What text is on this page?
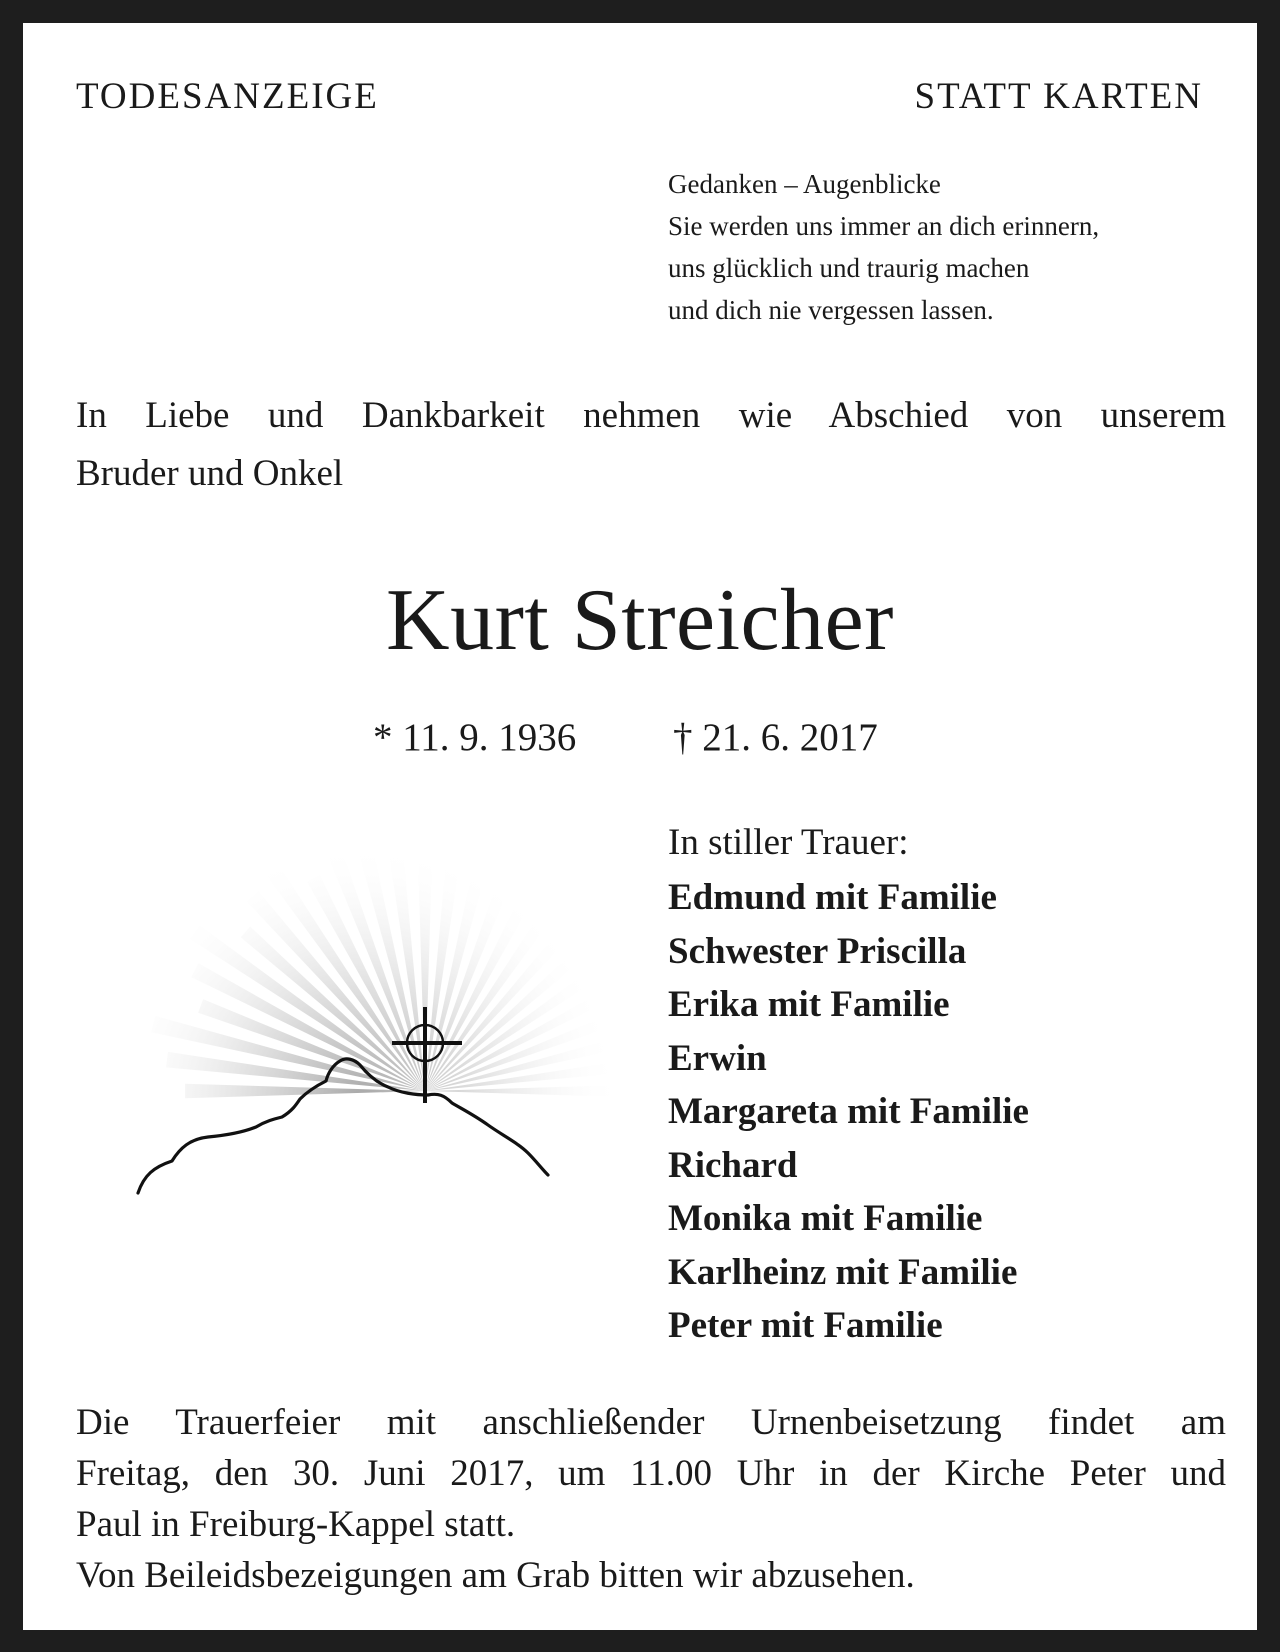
TODESANZEIGE	STATT KARTEN
Gedanken – Augenblicke
Sie werden uns immer an dich erinnern,
uns glücklich und traurig machen
und dich nie vergessen lassen.
In Liebe und Dankbarkeit nehmen wie Abschied von unserem
Bruder und Onkel
Kurt Streicher
* 11. 9. 1936 † 21. 6. 2017
In stiller Trauer:
Edmund mit Familie
Schwester Priscilla
Erika mit Familie
Erwin
Margareta mit Familie
Richard
Monika mit Familie
Karlheinz mit Familie
Peter mit Familie
Die Trauerfeier mit anschließender Urnenbeisetzung findet am
Freitag, den 30. Juni 2017, um 11.00 Uhr in der Kirche Peter und
Paul in Freiburg-Kappel statt.
Von Beileidsbezeigungen am Grab bitten wir abzusehen.
